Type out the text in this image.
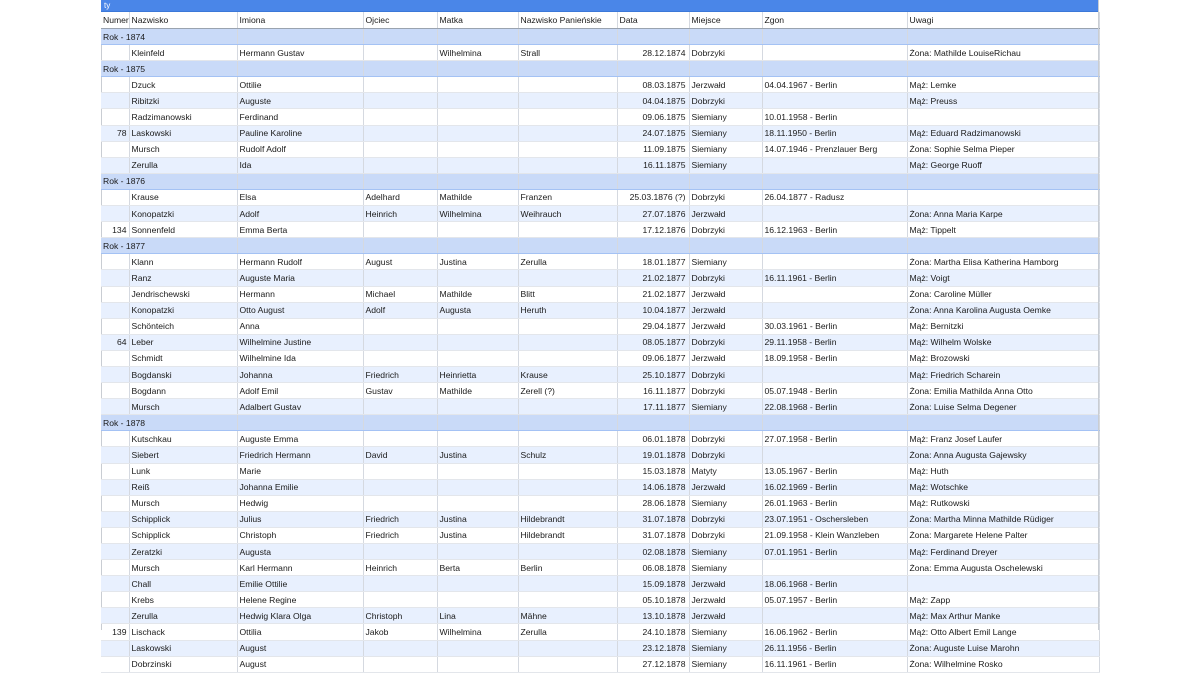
ty
Numer	Nazwisko	Imiona	Ojciec	Matka	Nazwisko Panieńskie	Data	Miejsce	Zgon	Uwagi
Rok - 1874									
	Kleinfeld	Hermann Gustav		Wilhelmina	Strall	28.12.1874	Dobrzyki		Żona: Mathilde LouiseRichau
Rok - 1875									
	Dzuck	Ottilie				08.03.1875	Jerzwałd	04.04.1967 - Berlin	Mąż: Lemke
	Ribitzki	Auguste				04.04.1875	Dobrzyki		Mąż: Preuss
	Radzimanowski	Ferdinand				09.06.1875	Siemiany	10.01.1958 - Berlin	
78	Laskowski	Pauline Karoline				24.07.1875	Siemiany	18.11.1950 - Berlin	Mąż: Eduard Radzimanowski
	Mursch	Rudolf Adolf				11.09.1875	Siemiany	14.07.1946 - Prenzlauer Berg	Żona: Sophie Selma Pieper
	Zerulla	Ida				16.11.1875	Siemiany		Mąż: George Ruoff
Rok - 1876									
	Krause	Elsa	Adelhard	Mathilde	Franzen	25.03.1876 (?)	Dobrzyki	26.04.1877 - Radusz	
	Konopatzki	Adolf	Heinrich	Wilhelmina	Weihrauch	27.07.1876	Jerzwałd		Żona: Anna Maria Karpe
134	Sonnenfeld	Emma Berta				17.12.1876	Dobrzyki	16.12.1963 - Berlin	Mąż: Tippelt
Rok - 1877									
	Klann	Hermann Rudolf	August	Justina	Zerulla	18.01.1877	Siemiany		Żona: Martha Elisa Katherina Hamborg
	Ranz	Auguste Maria				21.02.1877	Dobrzyki	16.11.1961 - Berlin	Mąż: Voigt
	Jendrischewski	Hermann	Michael	Mathilde	Blitt	21.02.1877	Jerzwałd		Żona: Caroline Müller
	Konopatzki	Otto August	Adolf	Augusta	Heruth	10.04.1877	Jerzwałd		Żona: Anna Karolina Augusta Oemke
	Schönteich	Anna				29.04.1877	Jerzwałd	30.03.1961 - Berlin	Mąż: Bernitzki
64	Leber	Wilhelmine Justine				08.05.1877	Dobrzyki	29.11.1958 - Berlin	Mąż: Wilhelm Wolske
	Schmidt	Wilhelmine Ida				09.06.1877	Jerzwałd	18.09.1958 - Berlin	Mąż: Brozowski
	Bogdanski	Johanna	Friedrich	Heinrietta	Krause	25.10.1877	Dobrzyki		Mąż: Friedrich Scharein
	Bogdann	Adolf Emil	Gustav	Mathilde	Zerell (?)	16.11.1877	Dobrzyki	05.07.1948 - Berlin	Żona: Emilia Mathilda Anna Otto
	Mursch	Adalbert Gustav				17.11.1877	Siemiany	22.08.1968 - Berlin	Żona: Luise Selma Degener
Rok - 1878									
	Kutschkau	Auguste Emma				06.01.1878	Dobrzyki	27.07.1958 - Berlin	Mąż: Franz Josef Laufer
	Siebert	Friedrich Hermann	David	Justina	Schulz	19.01.1878	Dobrzyki		Żona: Anna Augusta Gajewsky
	Lunk	Marie				15.03.1878	Matyty	13.05.1967 - Berlin	Mąż: Huth
	Reiß	Johanna Emilie				14.06.1878	Jerzwałd	16.02.1969 - Berlin	Mąż: Wotschke
	Mursch	Hedwig				28.06.1878	Siemiany	26.01.1963 - Berlin	Mąż: Rutkowski
	Schipplick	Julius	Friedrich	Justina	Hildebrandt	31.07.1878	Dobrzyki	23.07.1951 - Oschersleben	Żona: Martha Minna Mathilde Rüdiger
	Schipplick	Christoph	Friedrich	Justina	Hildebrandt	31.07.1878	Dobrzyki	21.09.1958 - Klein Wanzleben	Żona: Margarete Helene Palter
	Zeratzki	Augusta				02.08.1878	Siemiany	07.01.1951 - Berlin	Mąż: Ferdinand Dreyer
	Mursch	Karl Hermann	Heinrich	Berta	Berlin	06.08.1878	Siemiany		Żona: Emma Augusta Oschelewski
	Chall	Emilie Ottilie				15.09.1878	Jerzwałd	18.06.1968 - Berlin	
	Krebs	Helene Regine				05.10.1878	Jerzwałd	05.07.1957 - Berlin	Mąż: Zapp
	Zerulla	Hedwig Klara Olga	Christoph	Lina	Mähne	13.10.1878	Jerzwałd		Mąż: Max Arthur Manke
139	Lischack	Ottilia	Jakob	Wilhelmina	Zerulla	24.10.1878	Siemiany	16.06.1962 - Berlin	Mąż: Otto Albert Emil Lange
	Laskowski	August				23.12.1878	Siemiany	26.11.1956 - Berlin	Żona: Auguste Luise Marohn
	Dobrzinski	August				27.12.1878	Siemiany	16.11.1961 - Berlin	Żona: Wilhelmine Rosko
